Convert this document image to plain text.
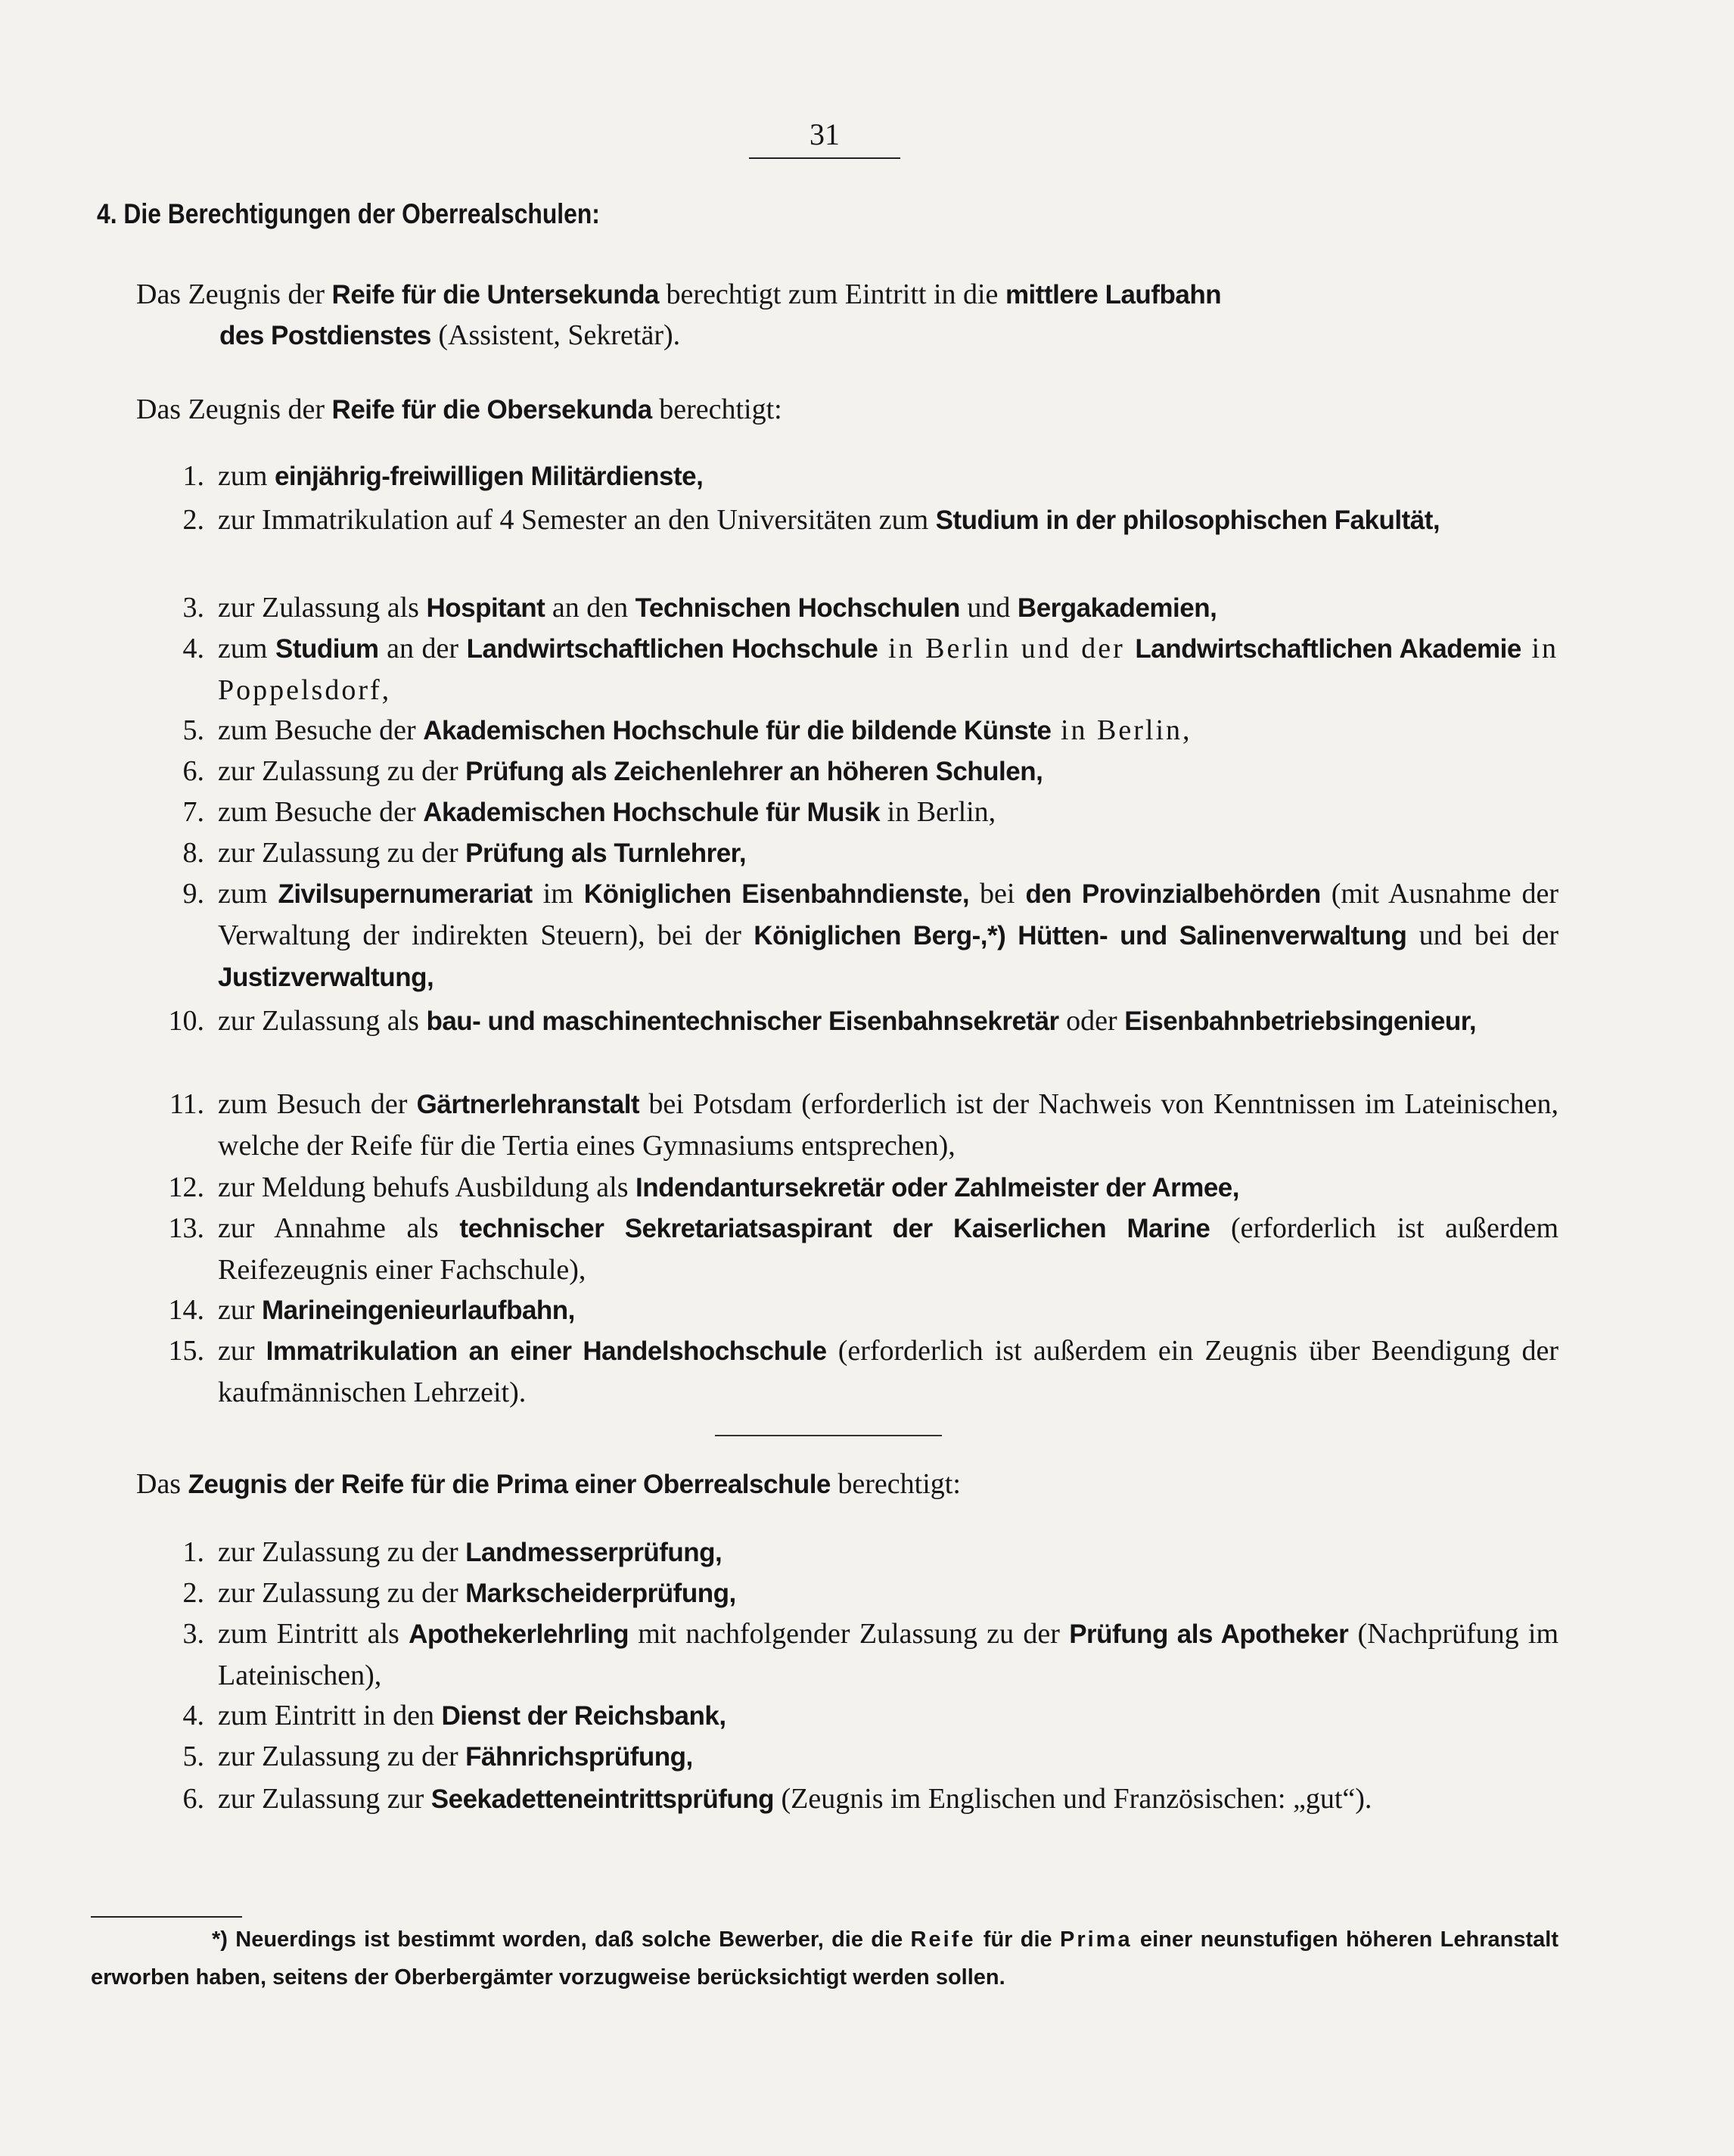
31
4. Die Berechtigungen der Oberrealschulen:
Das Zeugnis der Reife für die Untersekunda berechtigt zum Eintritt in die mittlere Laufbahn
des Postdienstes (Assistent, Sekretär).
Das Zeugnis der Reife für die Obersekunda berechtigt:
1. zum einjährig-freiwilligen Militärdienste,
2. zur Immatrikulation auf 4 Semester an den Universitäten zum Studium in der philosophischen Fakultät,
3. zur Zulassung als Hospitant an den Technischen Hochschulen und Bergakademien,
4. zum Studium an der Landwirtschaftlichen Hochschule in Berlin und der Landwirtschaftlichen Akademie in Poppelsdorf,
5. zum Besuche der Akademischen Hochschule für die bildende Künste in Berlin,
6. zur Zulassung zu der Prüfung als Zeichenlehrer an höheren Schulen,
7. zum Besuche der Akademischen Hochschule für Musik in Berlin,
8. zur Zulassung zu der Prüfung als Turnlehrer,
9. zum Zivilsupernumerariat im Königlichen Eisenbahndienste, bei den Provinzialbehörden (mit Ausnahme der Verwaltung der indirekten Steuern), bei der Königlichen Berg-,*) Hütten- und Salinenverwaltung und bei der Justizverwaltung,
10. zur Zulassung als bau- und maschinentechnischer Eisenbahnsekretär oder Eisenbahnbetriebsingenieur,
11. zum Besuch der Gärtnerlehranstalt bei Potsdam (erforderlich ist der Nachweis von Kenntnissen im Lateinischen, welche der Reife für die Tertia eines Gymnasiums entsprechen),
12. zur Meldung behufs Ausbildung als Indendantursekretär oder Zahlmeister der Armee,
13. zur Annahme als technischer Sekretariatsaspirant der Kaiserlichen Marine (erforderlich ist außerdem Reifezeugnis einer Fachschule),
14. zur Marineingenieurlaufbahn,
15. zur Immatrikulation an einer Handelshochschule (erforderlich ist außerdem ein Zeugnis über Beendigung der kaufmännischen Lehrzeit).
Das Zeugnis der Reife für die Prima einer Oberrealschule berechtigt:
1. zur Zulassung zu der Landmesserprüfung,
2. zur Zulassung zu der Markscheiderprüfung,
3. zum Eintritt als Apothekerlehrling mit nachfolgender Zulassung zu der Prüfung als Apotheker (Nachprüfung im Lateinischen),
4. zum Eintritt in den Dienst der Reichsbank,
5. zur Zulassung zu der Fähnrichsprüfung,
6. zur Zulassung zur Seekadetteneintrittsprüfung (Zeugnis im Englischen und Französischen: „gut“).
*) Neuerdings ist bestimmt worden, daß solche Bewerber, die die Reife für die Prima einer neunstufigen höheren Lehranstalt erworben haben, seitens der Oberbergämter vorzugweise berücksichtigt werden sollen.
